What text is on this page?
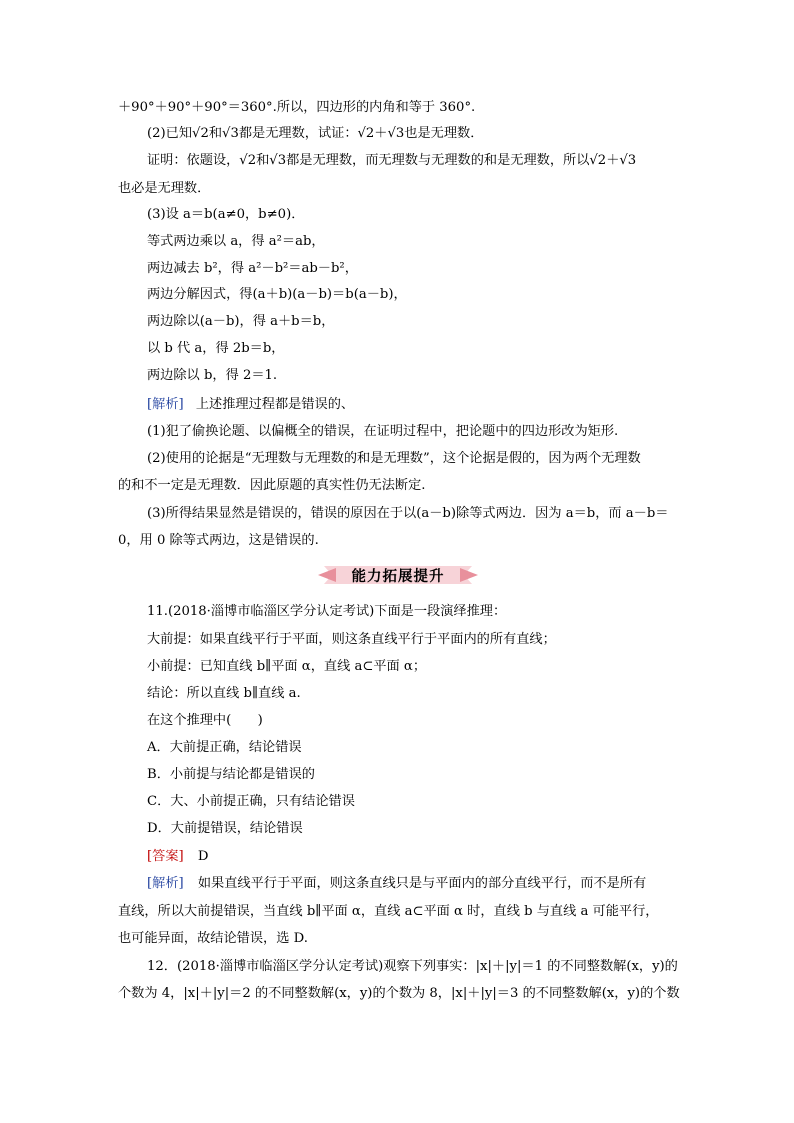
＋90°＋90°＋90°＝360°.所以，四边形的内角和等于 360°.
(2)已知√2和√3都是无理数，试证：√2＋√3也是无理数．
证明：依题设，√2和√3都是无理数，而无理数与无理数的和是无理数，所以√2＋√3
也必是无理数．
(3)设 a＝b(a≠0，b≠0)．
等式两边乘以 a，得 a²＝ab，
两边减去 b²，得 a²－b²＝ab－b²，
两边分解因式，得(a＋b)(a－b)＝b(a－b)，
两边除以(a－b)，得 a＋b＝b，
以 b 代 a，得 2b＝b，
两边除以 b，得 2＝1.
[解析] 上述推理过程都是错误的、
(1)犯了偷换论题、以偏概全的错误，在证明过程中，把论题中的四边形改为矩形.
(2)使用的论据是“无理数与无理数的和是无理数”，这个论据是假的，因为两个无理数
的和不一定是无理数．因此原题的真实性仍无法断定.
(3)所得结果显然是错误的，错误的原因在于以(a－b)除等式两边．因为 a＝b，而 a－b＝
0，用 0 除等式两边，这是错误的.
能力拓展提升
11.(2018·淄博市临淄区学分认定考试)下面是一段演绎推理：
大前提：如果直线平行于平面，则这条直线平行于平面内的所有直线；
小前提：已知直线 b∥平面 α，直线 a⊂平面 α；
结论：所以直线 b∥直线 a.
在这个推理中(　　)
A．大前提正确，结论错误
B．小前提与结论都是错误的
C．大、小前提正确，只有结论错误
D．大前提错误，结论错误
[答案] D
[解析] 如果直线平行于平面，则这条直线只是与平面内的部分直线平行，而不是所有
直线，所以大前提错误，当直线 b∥平面 α，直线 a⊂平面 α 时，直线 b 与直线 a 可能平行，
也可能异面，故结论错误，选 D.
12．(2018·淄博市临淄区学分认定考试)观察下列事实：|x|＋|y|＝1 的不同整数解(x，y)的
个数为 4，|x|＋|y|＝2 的不同整数解(x，y)的个数为 8，|x|＋|y|＝3 的不同整数解(x，y)的个数
